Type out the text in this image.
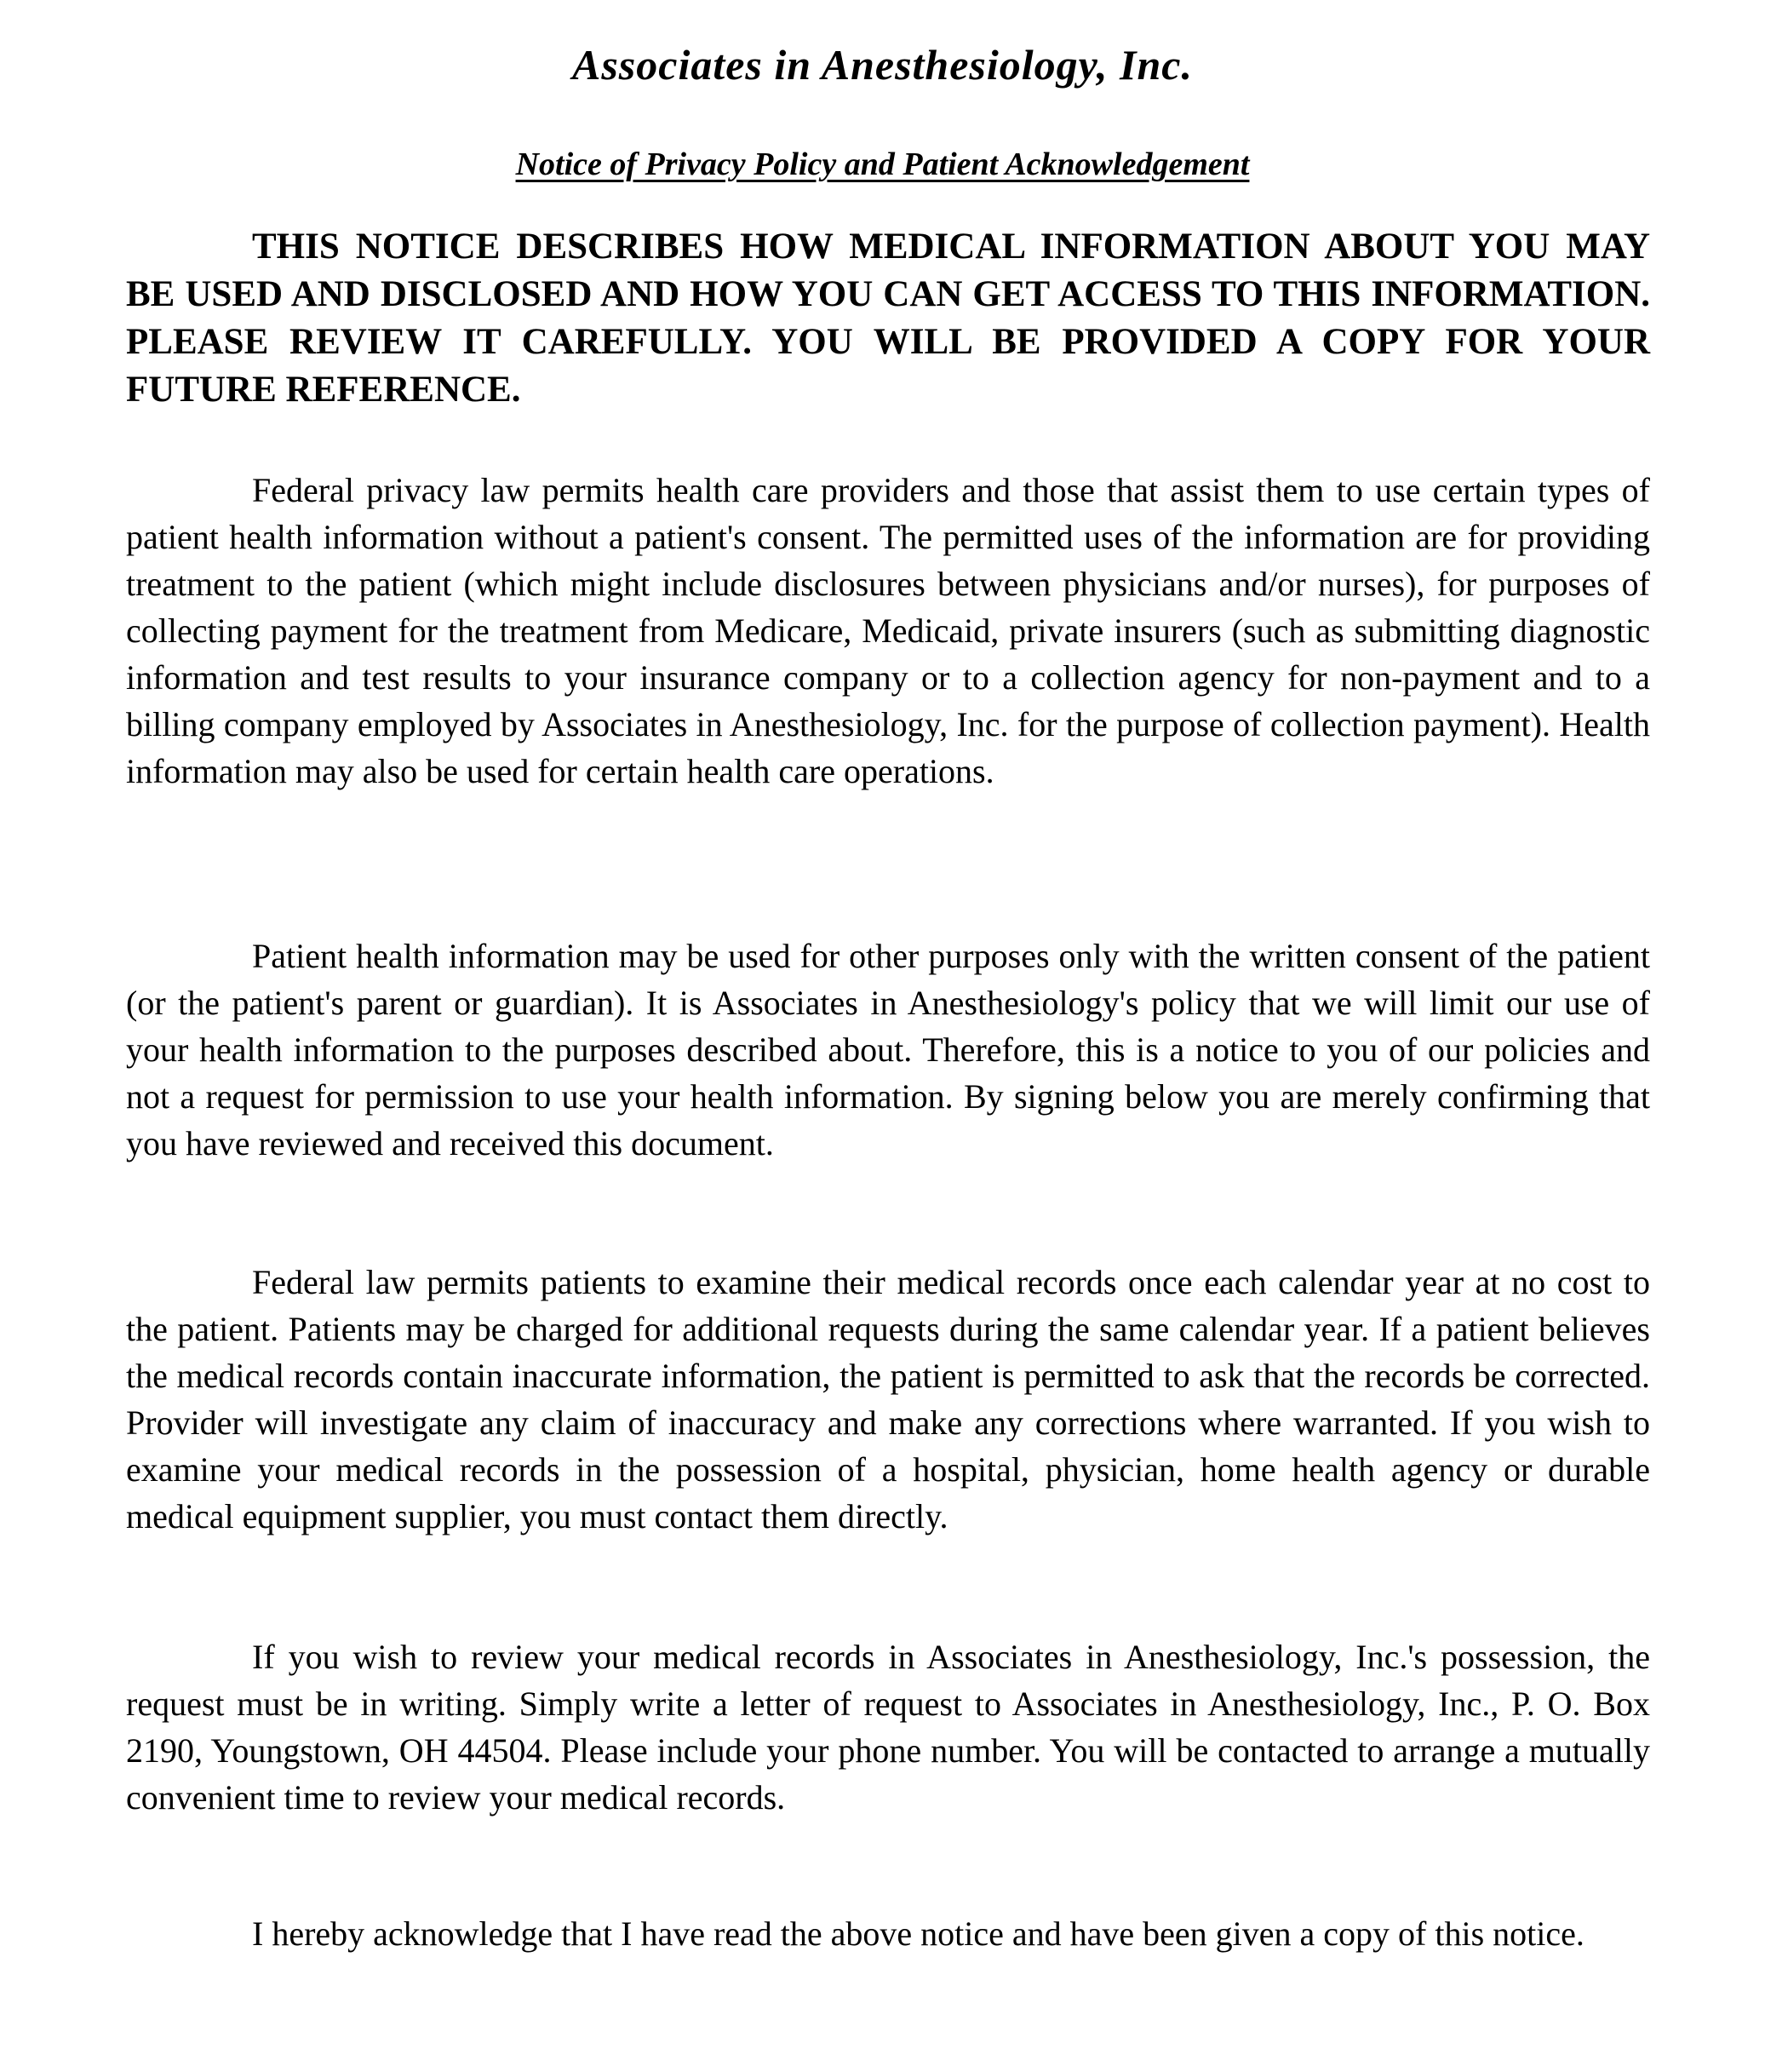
Associates in Anesthesiology, Inc.
Notice of Privacy Policy and Patient Acknowledgement

THIS NOTICE DESCRIBES HOW MEDICAL INFORMATION ABOUT YOU MAY BE USED AND DISCLOSED AND HOW YOU CAN GET ACCESS TO THIS INFORMATION. PLEASE REVIEW IT CAREFULLY. YOU WILL BE PROVIDED A COPY FOR YOUR FUTURE REFERENCE.

Federal privacy law permits health care providers and those that assist them to use certain types of patient health information without a patient's consent. The permitted uses of the information are for providing treatment to the patient (which might include disclosures between physicians and/or nurses), for purposes of collecting payment for the treatment from Medicare, Medicaid, private insurers (such as submitting diagnostic information and test results to your insurance company or to a collection agency for non-payment and to a billing company employed by Associates in Anesthesiology, Inc. for the purpose of collection payment). Health information may also be used for certain health care operations.

Patient health information may be used for other purposes only with the written consent of the patient (or the patient's parent or guardian). It is Associates in Anesthesiology's policy that we will limit our use of your health information to the purposes described about. Therefore, this is a notice to you of our policies and not a request for permission to use your health information. By signing below you are merely confirming that you have reviewed and received this document.

Federal law permits patients to examine their medical records once each calendar year at no cost to the patient. Patients may be charged for additional requests during the same calendar year. If a patient believes the medical records contain inaccurate information, the patient is permitted to ask that the records be corrected. Provider will investigate any claim of inaccuracy and make any corrections where warranted. If you wish to examine your medical records in the possession of a hospital, physician, home health agency or durable medical equipment supplier, you must contact them directly.

If you wish to review your medical records in Associates in Anesthesiology, Inc.'s possession, the request must be in writing. Simply write a letter of request to Associates in Anesthesiology, Inc., P. O. Box 2190, Youngstown, OH 44504. Please include your phone number. You will be contacted to arrange a mutually convenient time to review your medical records.

I hereby acknowledge that I have read the above notice and have been given a copy of this notice.
